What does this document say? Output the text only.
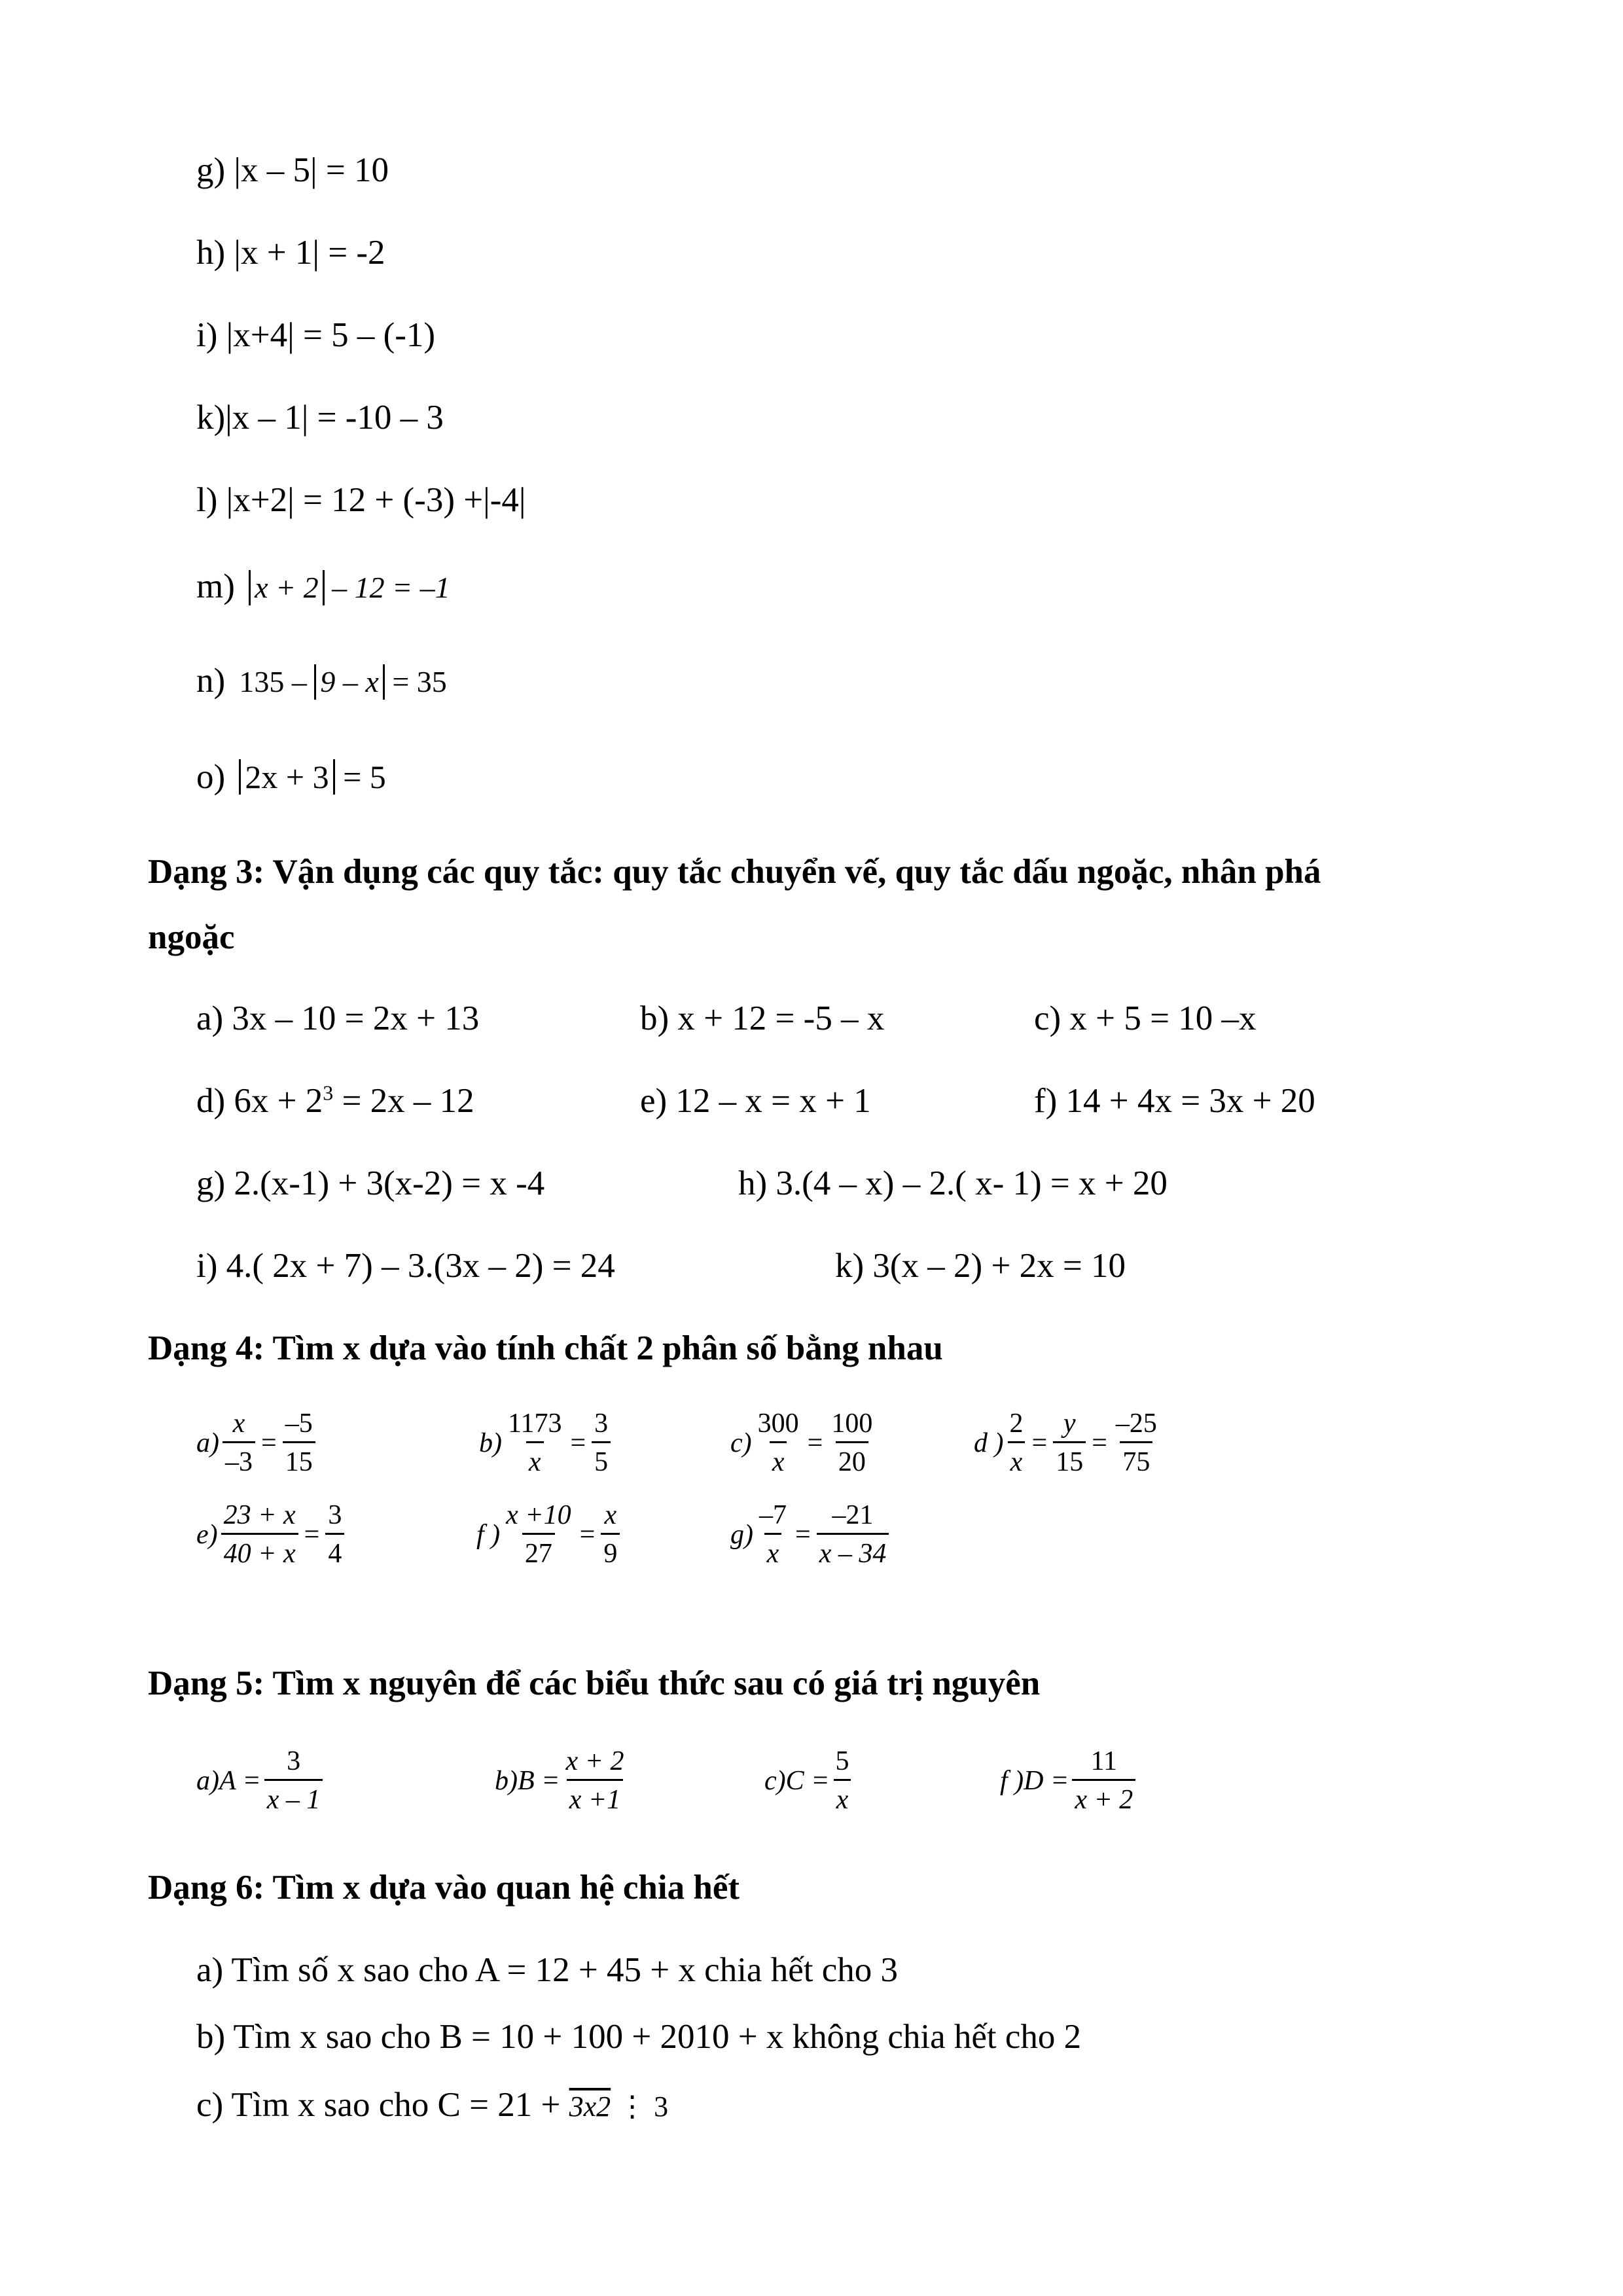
g) |x – 5| = 10
h) |x + 1| = -2
i) |x+4| = 5 – (-1)
k)|x – 1| = -10 – 3
l) |x+2| = 12 + (-3) +|-4|
m) x + 2 – 12 = –1
n) 135 – 9 – x = 35
o) 2x + 3 = 5
Dạng 3: Vận dụng các quy tắc: quy tắc chuyển vế, quy tắc dấu ngoặc, nhân phá
ngoặc
a) 3x – 10 = 2x + 13	b) x + 12 = -5 – x	c) x + 5 = 10 –x
d) $6x + 2^3 = 2x - 12$	e) 12 – x = x + 1	f) 14 + 4x = 3x + 20
g) 2.(x-1) + 3(x-2) = x -4	h) 3.(4 – x) – 2.( x- 1) = x + 20
i) 4.( 2x + 7) – 3.(3x – 2) = 24	k) 3(x – 2) + 2x = 10
Dạng 4: Tìm x dựa vào tính chất 2 phân số bằng nhau
$a) \frac{x}{-3} = \frac{-5}{15}$	$b) \frac{1173}{x} = \frac{3}{5}$	$c) \frac{300}{x} = \frac{100}{20}$	d ) $\frac{2}{x} = \frac{y}{15} = \frac{-25}{75}$
$e) \frac{23 + x}{40 + x} = \frac{3}{4}$	f ) $\frac{x +10}{27} = \frac{x}{9}$	$g) \frac{-7}{x} = \frac{-21}{x - 34}$
Dạng 5: Tìm x nguyên để các biểu thức sau có giá trị nguyên
$a)A = \frac{3}{x - 1}$	$b)B = \frac{x + 2}{x +1}$	$c)C = \frac{5}{x}$	f )$D = \frac{11}{x + 2}$
Dạng 6: Tìm x dựa vào quan hệ chia hết
a) Tìm số x sao cho A = 12 + 45 + x chia hết cho 3
b) Tìm x sao cho B = 10 + 100 + 2010 + x không chia hết cho 2
c) Tìm x sao cho C = 21 + 3x2 ⋮ 3
